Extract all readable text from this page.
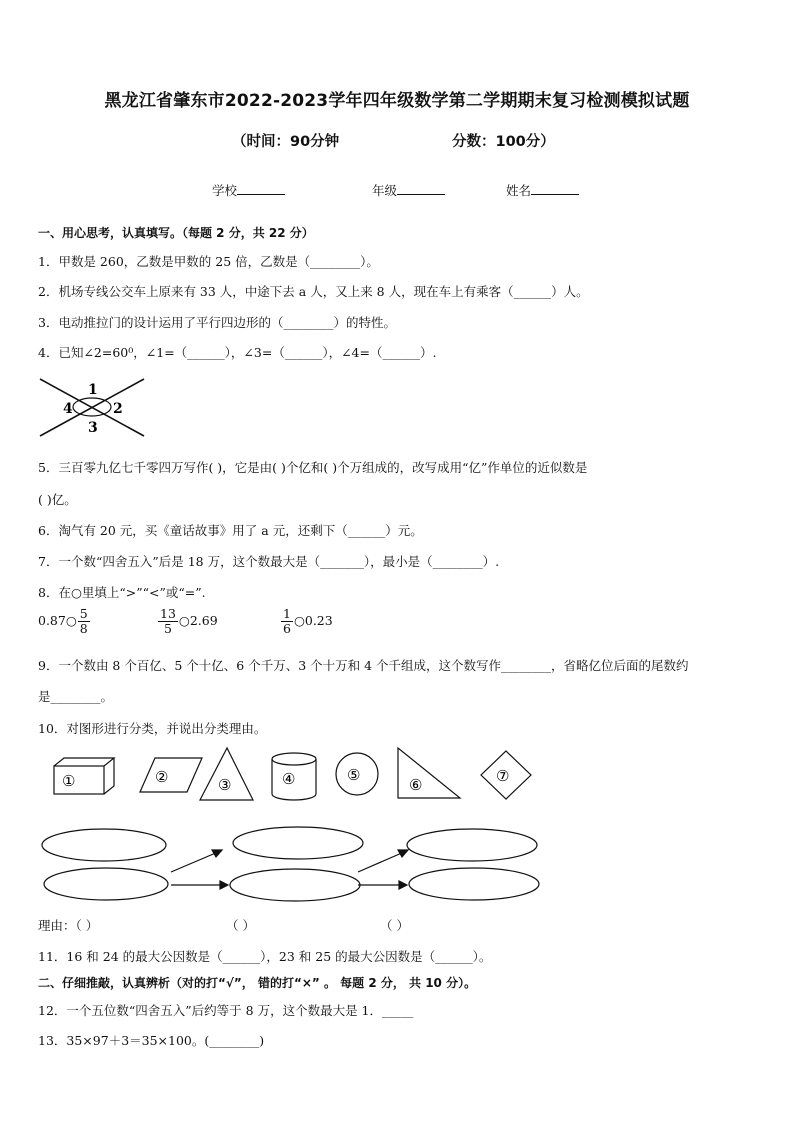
黑龙江省肇东市2022-2023学年四年级数学第二学期期末复习检测模拟试题
（时间：90分钟	分数：100分）
学校	年级	姓名
一、用心思考，认真填写。（每题 2 分，共 22 分）
1．甲数是 260，乙数是甲数的 25 倍，乙数是（________）。
2．机场专线公交车上原来有 33 人，中途下去 a 人，又上来 8 人，现在车上有乘客（______）人。
3．电动推拉门的设计运用了平行四边形的（________）的特性。
4．已知∠2=60⁰，∠1=（______），∠3=（______），∠4=（______）.
1
2
3
4
5．三百零九亿七千零四万写作( )，它是由( )个亿和( )个万组成的，改写成用“亿”作单位的近似数是
( )亿。
6．淘气有 20 元，买《童话故事》用了 a 元，还剩下（______）元。
7．一个数“四舍五入”后是 18 万，这个数最大是（_______），最小是（________）.
8．在○里填上“>”“<”或“=”.
0.87○ $\frac{5}{8}$	$\frac{13}{5}$ ○2.69	$\frac{1}{6}$ ○0.23
9．一个数由 8 个百亿、5 个十亿、6 个千万、3 个十万和 4 个千组成，这个数写作________，省略亿位后面的尾数约
是________。
10．对图形进行分类，并说出分类理由。
①	②	③	④	⑤
⑥	⑦
理由：（ ）	（ ）	（ ）
11．16 和 24 的最大公因数是（______），23 和 25 的最大公因数是（______）。
二、仔细推敲，认真辨析（对的打“√”， 错的打“×” 。 每题 2 分， 共 10 分）。
12．一个五位数“四舍五入”后约等于 8 万，这个数最大是 1．_____
13．35×97＋3＝35×100。(________)
